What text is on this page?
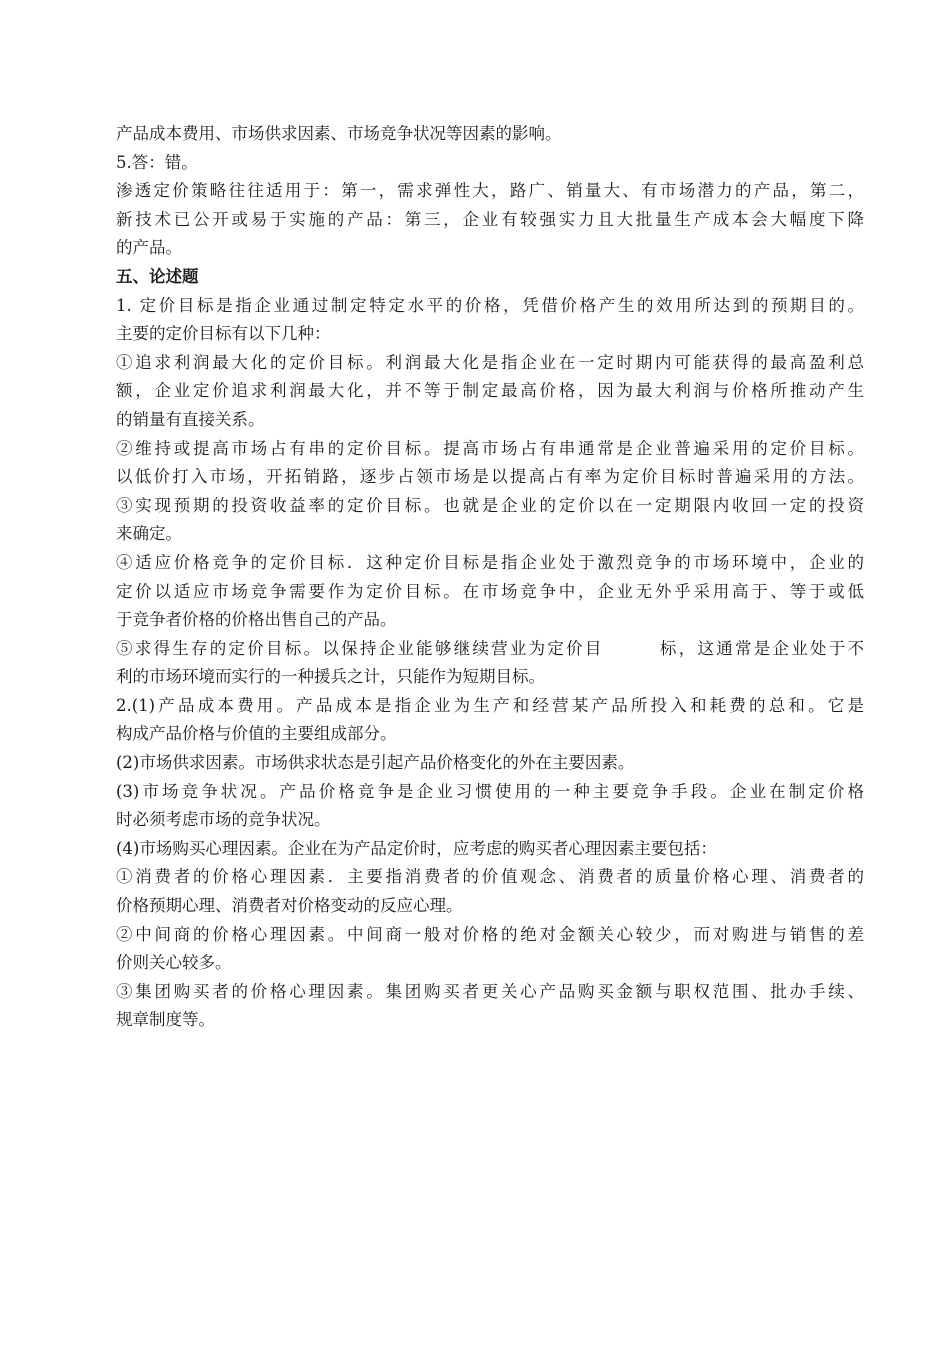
产品成本费用、市场供求因素、市场竞争状况等因素的影响。
5.答：错。
渗透定价策略往往适用于：第一，需求弹性大，路广、销量大、有市场潜力的产品，第二，
新技术已公开或易于实施的产品：第三，企业有较强实力且大批量生产成本会大幅度下降
的产品。
五、论述题
1. 定价目标是指企业通过制定特定水平的价格，凭借价格产生的效用所达到的预期目的。
主要的定价目标有以下几种：
①追求利润最大化的定价目标。利润最大化是指企业在一定时期内可能获得的最高盈利总
额，企业定价追求利润最大化，并不等于制定最高价格，因为最大利润与价格所推动产生
的销量有直接关系。
②维持或提高市场占有串的定价目标。提高市场占有串通常是企业普遍采用的定价目标。
以低价打入市场，开拓销路，逐步占领市场是以提高占有率为定价目标时普遍采用的方法。
③实现预期的投资收益率的定价目标。也就是企业的定价以在一定期限内收回一定的投资
来确定。
④适应价格竞争的定价目标．这种定价目标是指企业处于激烈竞争的市场环境中，企业的
定价以适应市场竞争需要作为定价目标。在市场竞争中，企业无外乎采用高于、等于或低
于竞争者价格的价格出售自己的产品。
⑤求得生存的定价目标。以保持企业能够继续营业为定价目　　　标，这通常是企业处于不
利的市场环境而实行的一种援兵之计，只能作为短期目标。
2.(1)产品成本费用。产品成本是指企业为生产和经营某产品所投入和耗费的总和。它是
构成产品价格与价值的主要组成部分。
(2)市场供求因素。市场供求状态是引起产品价格变化的外在主要因素。
(3)市场竞争状况。产品价格竞争是企业习惯使用的一种主要竞争手段。企业在制定价格
时必须考虑市场的竞争状况。
(4)市场购买心理因素。企业在为产品定价时，应考虑的购买者心理因素主要包括：
①消费者的价格心理因素．主要指消费者的价值观念、消费者的质量价格心理、消费者的
价格预期心理、消费者对价格变动的反应心理。
②中间商的价格心理因素。中间商一般对价格的绝对金额关心较少，而对购进与销售的差
价则关心较多。
③集团购买者的价格心理因素。集团购买者更关心产品购买金额与职权范围、批办手续、
规章制度等。
